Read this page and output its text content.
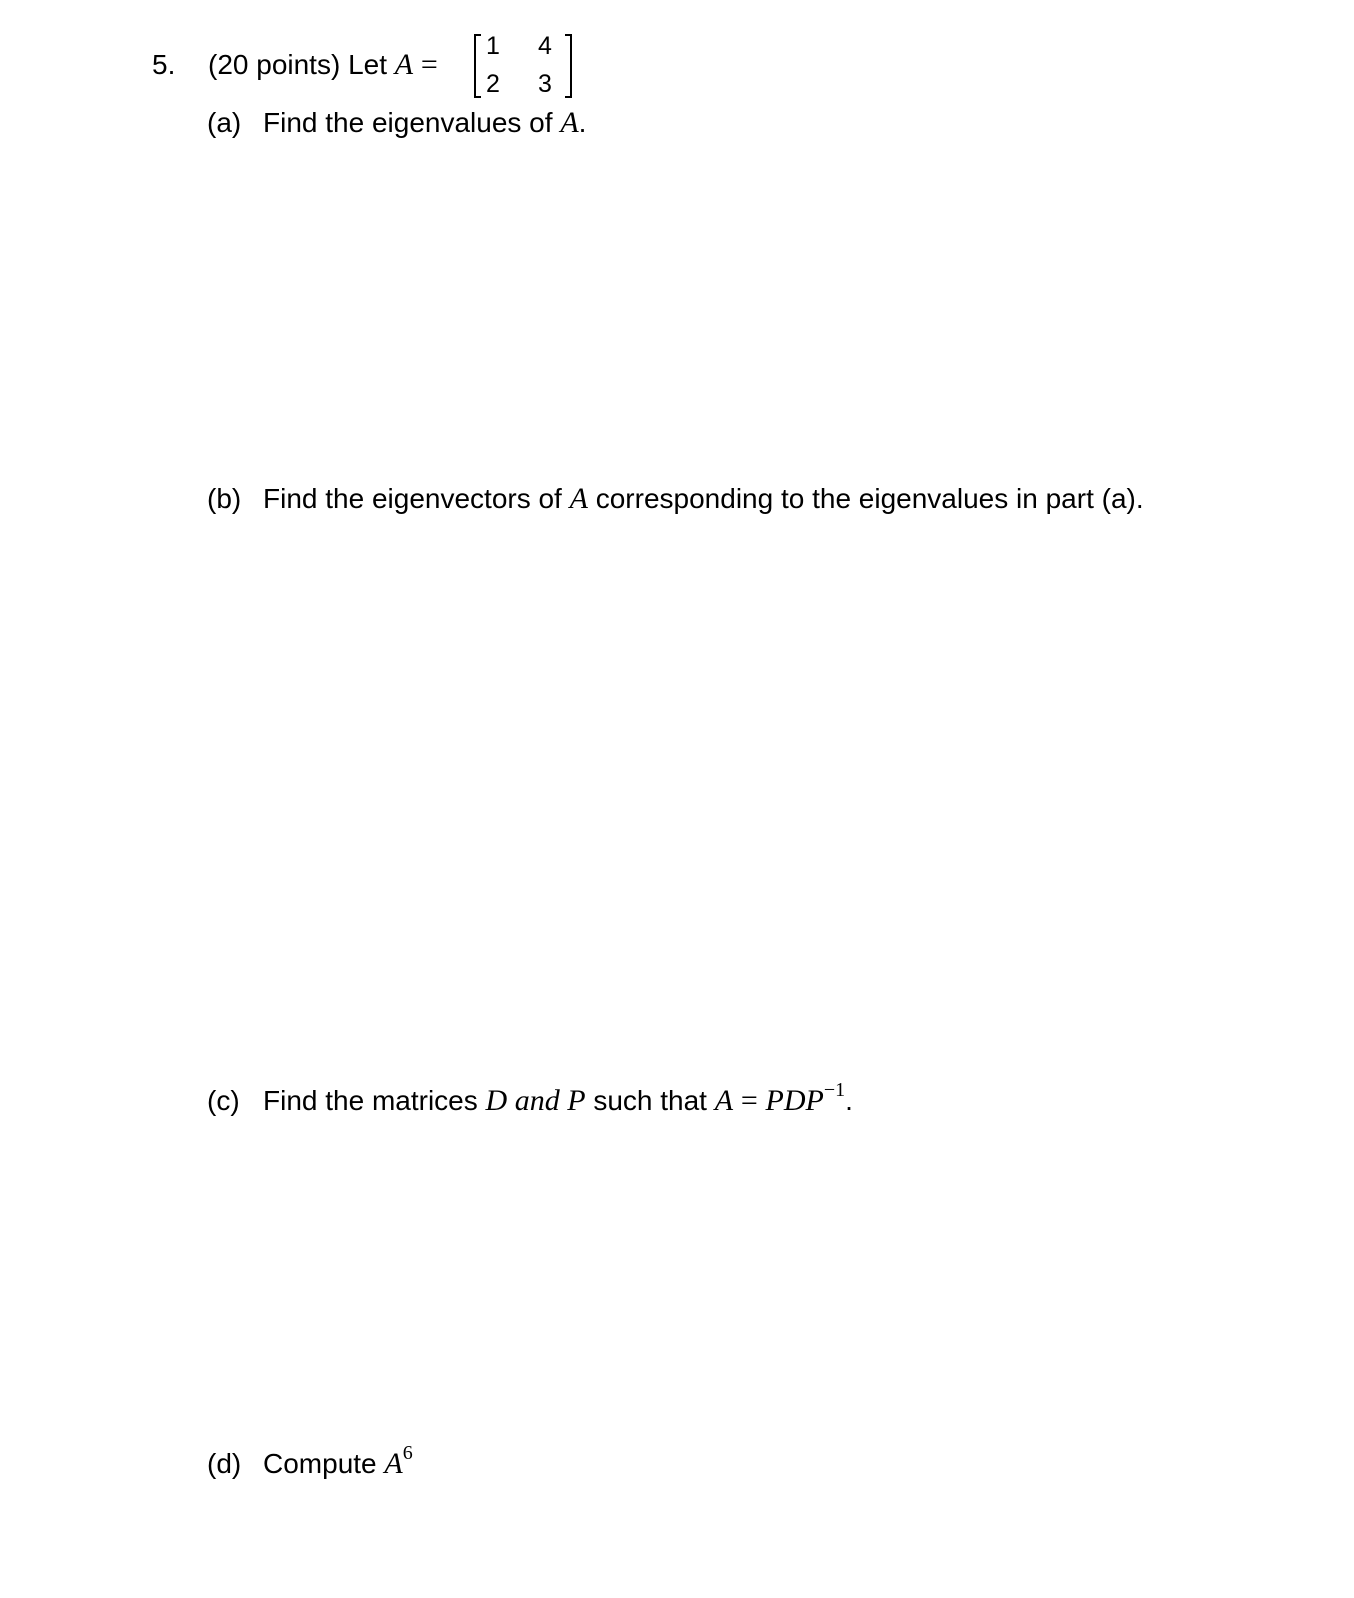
5. (20 points) Let A =
1 4
2 3
(a) Find the eigenvalues of A.
(b) Find the eigenvectors of A corresponding to the eigenvalues in part (a).
(c) Find the matrices D and P such that $A = PDP^{-1}$.
(d) Compute $A^6$
